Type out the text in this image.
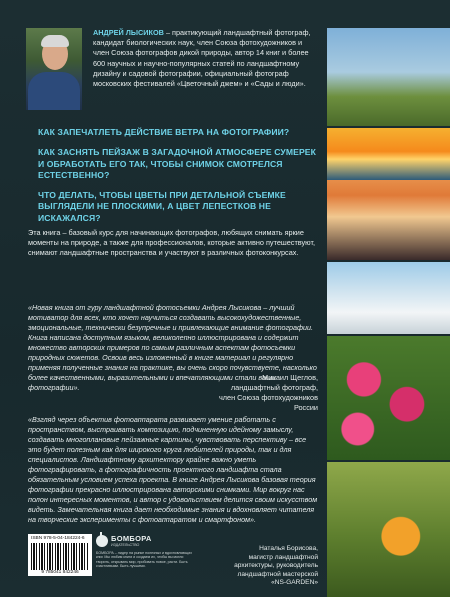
АНДРЕЙ ЛЫСИКОВ – практикующий ландшафтный фотограф, кандидат биологических наук, член Союза фотохудожников и член Союза фотографов дикой природы, автор 14 книг и более 600 научных и научно-популярных статей по ландшафтному дизайну и садовой фотографии, официальный фотограф московских фестивалей «Цветочный джем» и «Сады и люди».

КАК ЗАПЕЧАТЛЕТЬ ДЕЙСТВИЕ ВЕТРА НА ФОТОГРАФИИ?

КАК ЗАСНЯТЬ ПЕЙЗАЖ В ЗАГАДОЧНОЙ АТМОСФЕРЕ СУМЕРЕК И ОБРАБОТАТЬ ЕГО ТАК, ЧТОБЫ СНИМОК СМОТРЕЛСЯ ЕСТЕСТВЕННО?

ЧТО ДЕЛАТЬ, ЧТОБЫ ЦВЕТЫ ПРИ ДЕТАЛЬНОЙ СЪЕМКЕ ВЫГЛЯДЕЛИ НЕ ПЛОСКИМИ, А ЦВЕТ ЛЕПЕСТКОВ НЕ ИСКАЖАЛСЯ?

Эта книга – базовый курс для начинающих фотографов, любящих снимать яркие моменты на природе, а также для профессионалов, которые активно путешествуют, снимают ландшафтные пространства и участвуют в различных фотоконкурсах.

«Новая книга от гуру ландшафтной фотосъемки Андрея Лысикова – лучший мотиватор для всех, кто хочет научиться создавать высокохудожественные, эмоциональные, технически безупречные и привлекающие внимание фотографии. Книга написана доступным языком, великолепно иллюстрирована и содержит множество авторских примеров по самым различным аспектам фотосъемки природных сюжетов. Освоив весь изложенный в книге материал и регулярно применяя полученные знания на практике, вы очень скоро почувствуете, насколько более качественными, выразительными и впечатляющими стали ваши фотографии».

Михаил Щеглов,
ландшафтный фотограф,
член Союза фотохудожников России

«Взгляд через объектив фотоаппарата развивает умение работать с пространством, выстраивать композицию, подчиненную идейному замыслу, создавать многоплановые пейзажные картины, чувствовать перспективу – все это будет полезным как для широкого круга любителей природы, так и для специалистов. Ландшафтному архитектору крайне важно уметь фотографировать, а фотографичность проектного ландшафта стала обязательным условием успеха проекта. В книге Андрея Лысикова базовая теория фотографии прекрасно иллюстрирована авторскими снимками. Мир вокруг нас полон интересных моментов, и автор с удовольствием делится своим искусством видеть. Замечательная книга дает необходимые знания и вдохновляет читателя на творческие эксперименты с фотоаппаратом и смартфоном».

Наталья Борисова,
магистр ландшафтной
архитектуры, руководитель
ландшафтной мастерской
«NS-GARDEN»
ISBN 978-5-04-184224-6
9 785041 842246
БОМБОРА
ИЗДАТЕЛЬСТВО

БОМБОРА – лидер на рынке полезных и вдохновляющих книг. Мы любим книги и создаем их, чтобы вы могли творить, открывать мир, пробовать новое, расти. Быть счастливыми. Быть лучшими.
